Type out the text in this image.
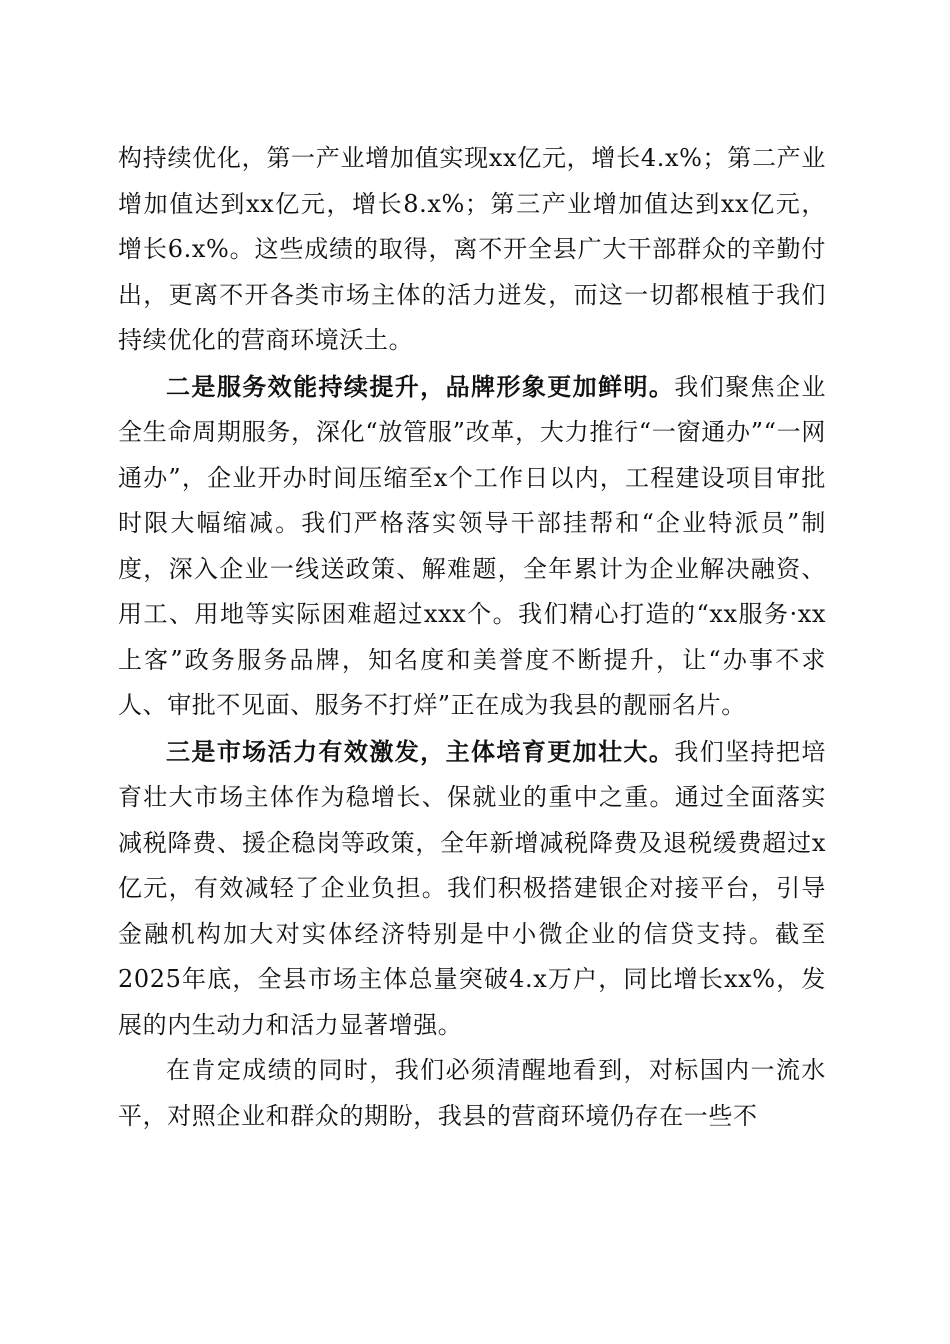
构持续优化，第一产业增加值实现xx亿元，增长4.x%；第二产业增加值达到xx亿元，增长8.x%；第三产业增加值达到xx亿元，增长6.x%。这些成绩的取得，离不开全县广大干部群众的辛勤付出，更离不开各类市场主体的活力迸发，而这一切都根植于我们持续优化的营商环境沃土。

二是服务效能持续提升，品牌形象更加鲜明。我们聚焦企业全生命周期服务，深化“放管服”改革，大力推行“一窗通办”“一网通办”，企业开办时间压缩至x个工作日以内，工程建设项目审批时限大幅缩减。我们严格落实领导干部挂帮和“企业特派员”制度，深入企业一线送政策、解难题，全年累计为企业解决融资、用工、用地等实际困难超过xxx个。我们精心打造的“xx服务·xx上客”政务服务品牌，知名度和美誉度不断提升，让“办事不求人、审批不见面、服务不打烊”正在成为我县的靓丽名片。

三是市场活力有效激发，主体培育更加壮大。我们坚持把培育壮大市场主体作为稳增长、保就业的重中之重。通过全面落实减税降费、援企稳岗等政策，全年新增减税降费及退税缓费超过x亿元，有效减轻了企业负担。我们积极搭建银企对接平台，引导金融机构加大对实体经济特别是中小微企业的信贷支持。截至2025年底，全县市场主体总量突破4.x万户，同比增长xx%，发展的内生动力和活力显著增强。

在肯定成绩的同时，我们必须清醒地看到，对标国内一流水平，对照企业和群众的期盼，我县的营商环境仍存在一些不
